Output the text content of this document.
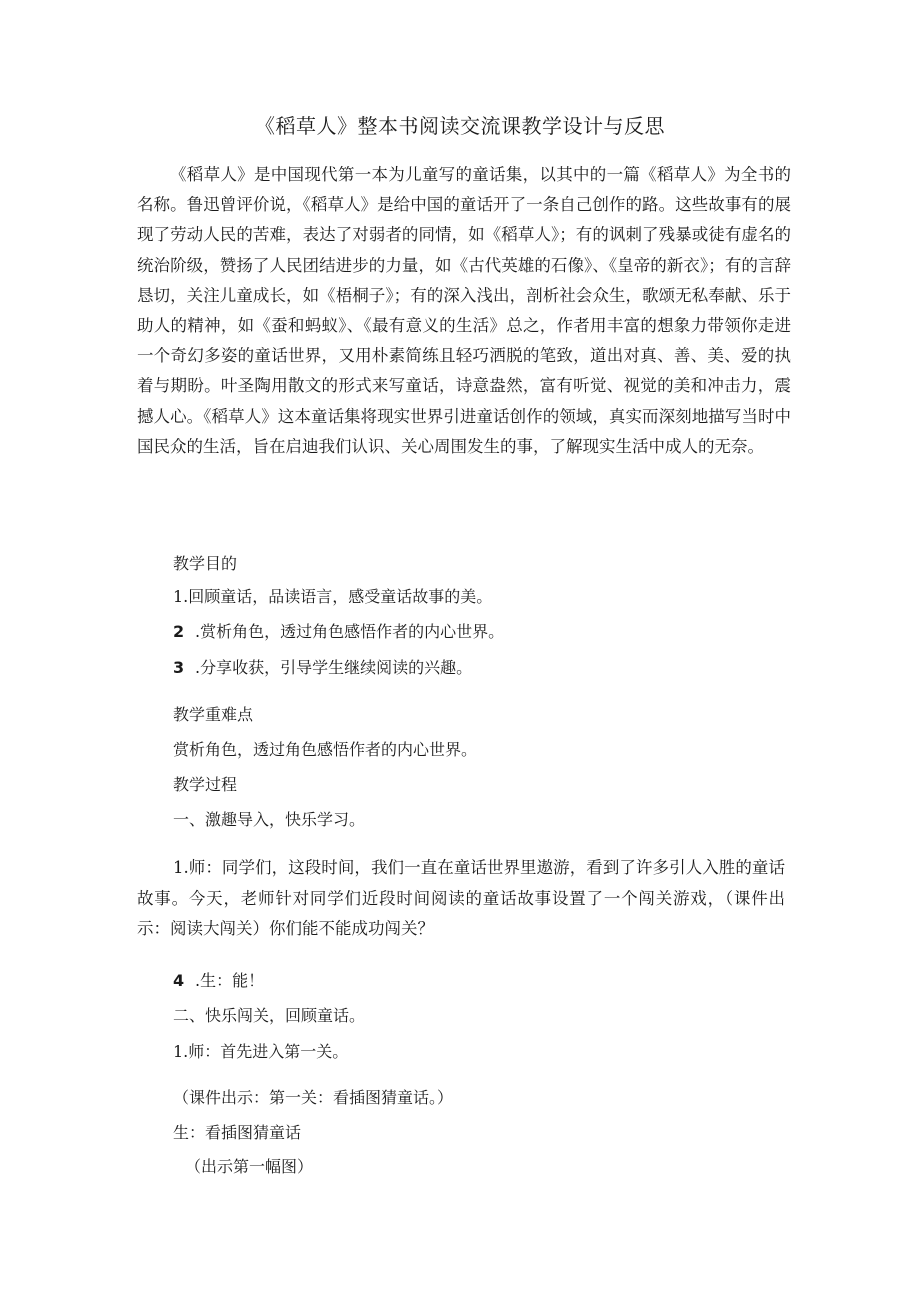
《稻草人》整本书阅读交流课教学设计与反思

《稻草人》是中国现代第一本为儿童写的童话集，以其中的一篇《稻草人》为全书的名称。鲁迅曾评价说，《稻草人》是给中国的童话开了一条自己创作的路。这些故事有的展现了劳动人民的苦难，表达了对弱者的同情，如《稻草人》；有的讽刺了残暴或徒有虚名的统治阶级，赞扬了人民团结进步的力量，如《古代英雄的石像》、《皇帝的新衣》；有的言辞恳切，关注儿童成长，如《梧桐子》；有的深入浅出，剖析社会众生，歌颂无私奉献、乐于助人的精神，如《蚕和蚂蚁》、《最有意义的生活》总之，作者用丰富的想象力带领你走进一个奇幻多姿的童话世界，又用朴素简练且轻巧洒脱的笔致，道出对真、善、美、爱的执着与期盼。叶圣陶用散文的形式来写童话，诗意盎然，富有听觉、视觉的美和冲击力，震撼人心。《稻草人》这本童话集将现实世界引进童话创作的领域，真实而深刻地描写当时中国民众的生活，旨在启迪我们认识、关心周围发生的事，了解现实生活中成人的无奈。

教学目的

1.回顾童话，品读语言，感受童话故事的美。

2 .赏析角色，透过角色感悟作者的内心世界。

3 .分享收获，引导学生继续阅读的兴趣。

教学重难点

赏析角色，透过角色感悟作者的内心世界。

教学过程

一、激趣导入，快乐学习。

1.师：同学们，这段时间，我们一直在童话世界里遨游，看到了许多引人入胜的童话故事。今天，老师针对同学们近段时间阅读的童话故事设置了一个闯关游戏，（课件出示：阅读大闯关）你们能不能成功闯关？

4 .生：能！

二、快乐闯关，回顾童话。

1.师：首先进入第一关。

（课件出示：第一关：看插图猜童话。）

生：看插图猜童话

（出示第一幅图）
